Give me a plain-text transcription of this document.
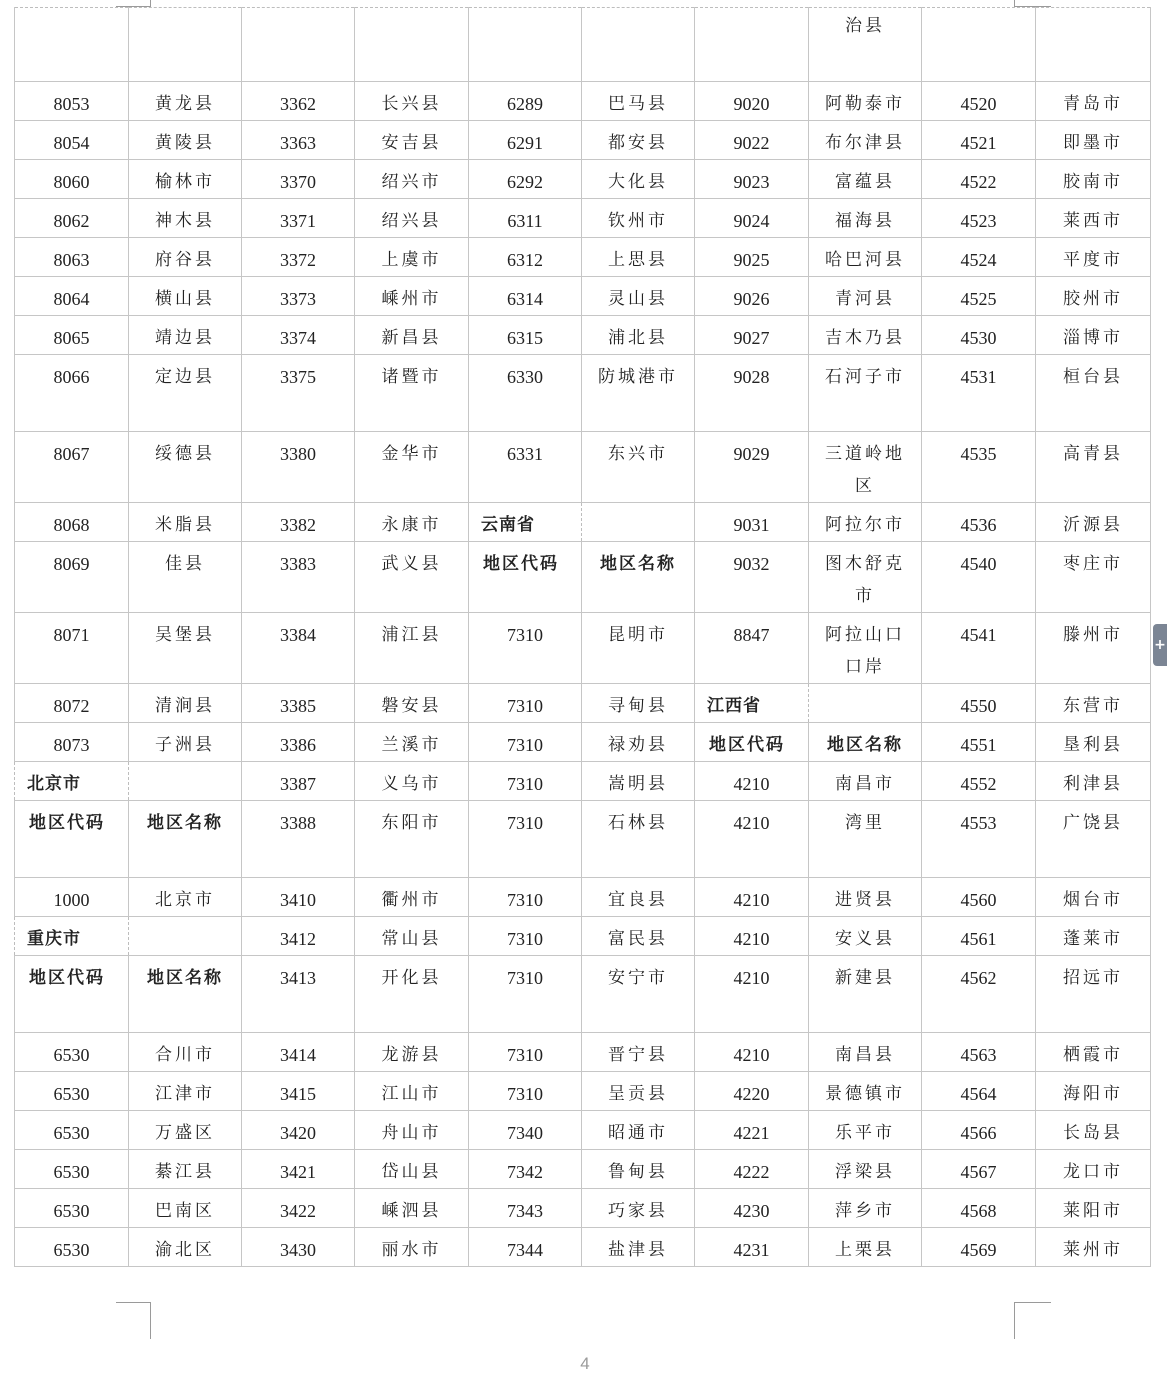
							治县		
8053	黄龙县	3362	长兴县	6289	巴马县	9020	阿勒泰市	4520	青岛市
8054	黄陵县	3363	安吉县	6291	都安县	9022	布尔津县	4521	即墨市
8060	榆林市	3370	绍兴市	6292	大化县	9023	富蕴县	4522	胶南市
8062	神木县	3371	绍兴县	6311	钦州市	9024	福海县	4523	莱西市
8063	府谷县	3372	上虞市	6312	上思县	9025	哈巴河县	4524	平度市
8064	横山县	3373	嵊州市	6314	灵山县	9026	青河县	4525	胶州市
8065	靖边县	3374	新昌县	6315	浦北县	9027	吉木乃县	4530	淄博市
8066	定边县	3375	诸暨市	6330	防城港市	9028	石河子市	4531	桓台县
8067	绥德县	3380	金华市	6331	东兴市	9029	三道岭地区	4535	高青县
8068	米脂县	3382	永康市	云南省		9031	阿拉尔市	4536	沂源县
8069	佳县	3383	武义县	地区代码	地区名称	9032	图木舒克市	4540	枣庄市
8071	吴堡县	3384	浦江县	7310	昆明市	8847	阿拉山口口岸	4541	滕州市
8072	清涧县	3385	磐安县	7310	寻甸县	江西省		4550	东营市
8073	子洲县	3386	兰溪市	7310	禄劝县	地区代码	地区名称	4551	垦利县
北京市		3387	义乌市	7310	嵩明县	4210	南昌市	4552	利津县
地区代码	地区名称	3388	东阳市	7310	石林县	4210	湾里	4553	广饶县
1000	北京市	3410	衢州市	7310	宜良县	4210	进贤县	4560	烟台市
重庆市		3412	常山县	7310	富民县	4210	安义县	4561	蓬莱市
地区代码	地区名称	3413	开化县	7310	安宁市	4210	新建县	4562	招远市
6530	合川市	3414	龙游县	7310	晋宁县	4210	南昌县	4563	栖霞市
6530	江津市	3415	江山市	7310	呈贡县	4220	景德镇市	4564	海阳市
6530	万盛区	3420	舟山市	7340	昭通市	4221	乐平市	4566	长岛县
6530	綦江县	3421	岱山县	7342	鲁甸县	4222	浮梁县	4567	龙口市
6530	巴南区	3422	嵊泗县	7343	巧家县	4230	萍乡市	4568	莱阳市
6530	渝北区	3430	丽水市	7344	盐津县	4231	上栗县	4569	莱州市
+
4
